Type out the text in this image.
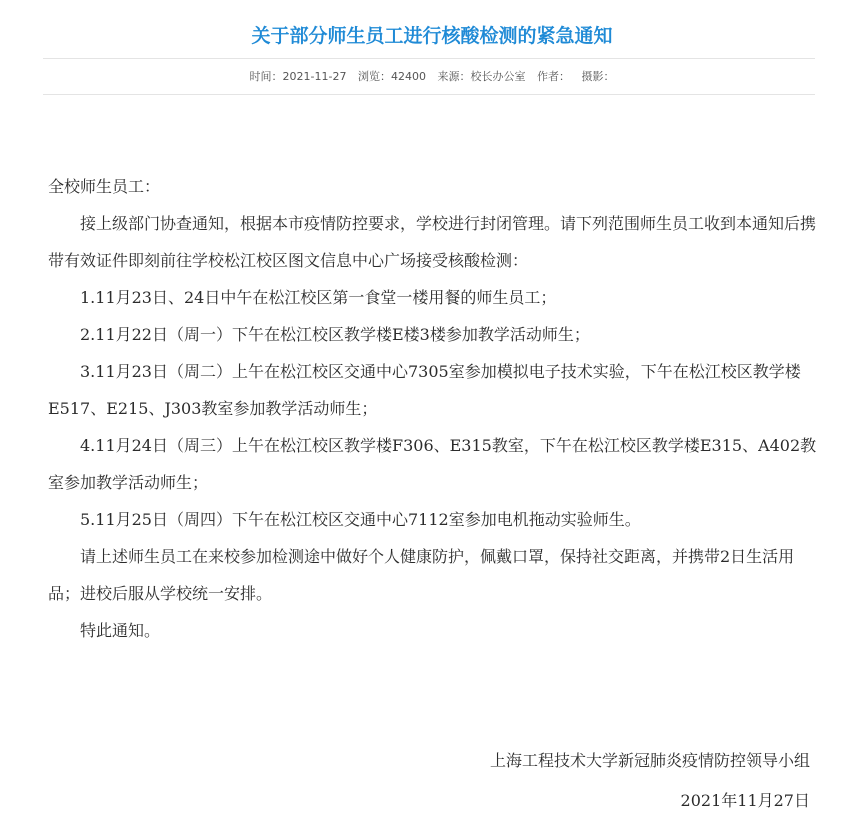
关于部分师生员工进行核酸检测的紧急通知
时间：2021-11-27 浏览：42400 来源：校长办公室 作者： 摄影：

全校师生员工：

接上级部门协查通知，根据本市疫情防控要求，学校进行封闭管理。请下列范围师生员工收到本通知后携带有效证件即刻前往学校松江校区图文信息中心广场接受核酸检测：

1.11月23日、24日中午在松江校区第一食堂一楼用餐的师生员工；

2.11月22日（周一）下午在松江校区教学楼E楼3楼参加教学活动师生；

3.11月23日（周二）上午在松江校区交通中心7305室参加模拟电子技术实验，下午在松江校区教学楼E517、E215、J303教室参加教学活动师生；

4.11月24日（周三）上午在松江校区教学楼F306、E315教室，下午在松江校区教学楼E315、A402教室参加教学活动师生；

5.11月25日（周四）下午在松江校区交通中心7112室参加电机拖动实验师生。

请上述师生员工在来校参加检测途中做好个人健康防护，佩戴口罩，保持社交距离，并携带2日生活用品；进校后服从学校统一安排。

特此通知。

上海工程技术大学新冠肺炎疫情防控领导小组
2021年11月27日
